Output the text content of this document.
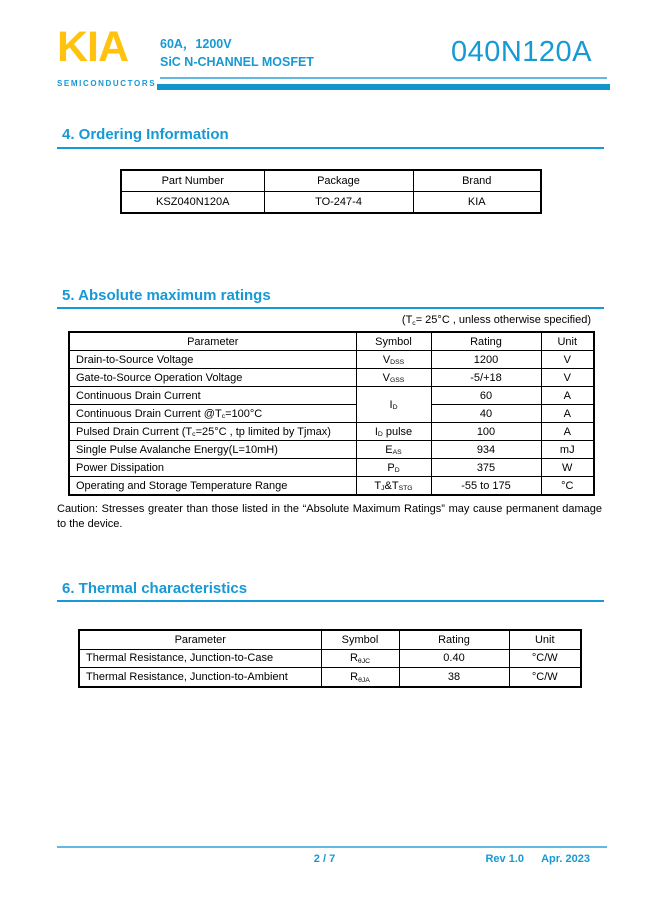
KIA
SEMICONDUCTORS
60A，1200V
SiC N-CHANNEL MOSFET	040N120A
4. Ordering Information
Part Number	Package	Brand
KSZ040N120A	TO-247-4	KIA
5. Absolute maximum ratings
(Tc= 25°C , unless otherwise specified)
Parameter	Symbol	Rating	Unit
Drain-to-Source Voltage	VDSS	1200	V
Gate-to-Source Operation Voltage	VGSS	-5/+18	V
Continuous Drain Current	ID	60	A
Continuous Drain Current @Tc=100°C		40	A
Pulsed Drain Current (Tc=25°C , tp limited by Tjmax)	ID pulse	100	A
Single Pulse Avalanche Energy(L=10mH)	EAS	934	mJ
Power Dissipation	PD	375	W
Operating and Storage Temperature Range	TJ&TSTG	-55 to 175	°C
Caution: Stresses greater than those listed in the “Absolute Maximum Ratings” may cause permanent damage to the device.
6. Thermal characteristics
Parameter	Symbol	Rating	Unit
Thermal Resistance, Junction-to-Case	RθJC	0.40	°C/W
Thermal Resistance, Junction-to-Ambient	RθJA	38	°C/W
2 / 7	Rev 1.0 Apr. 2023
